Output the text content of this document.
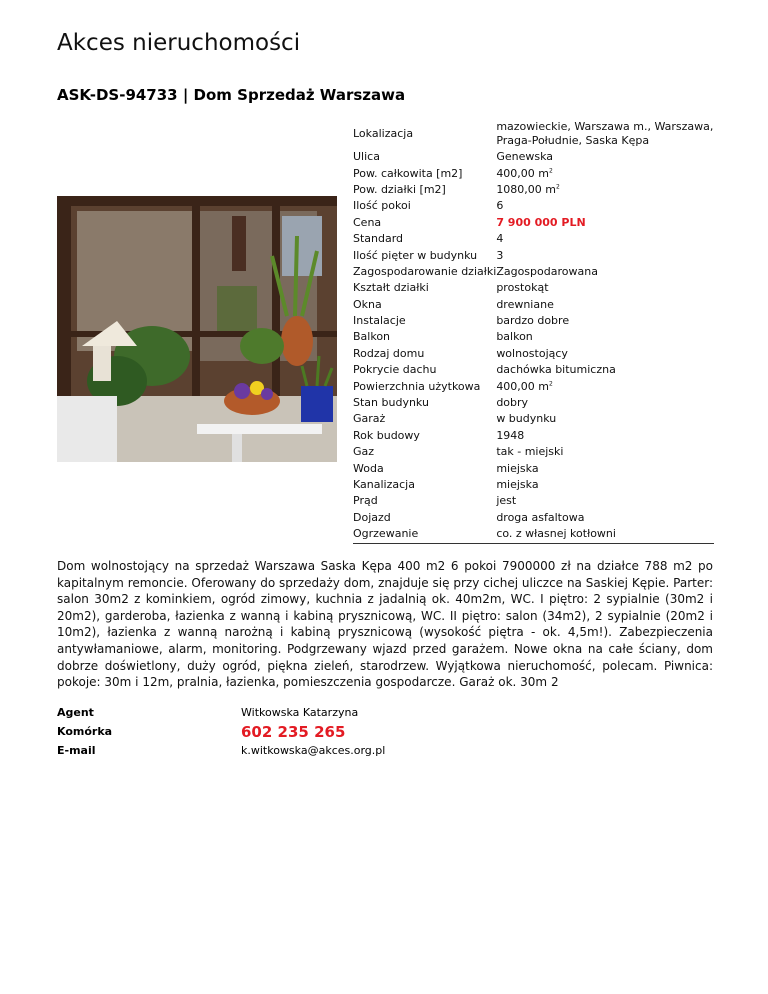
Akces nieruchomości
ASK-DS-94733 | Dom Sprzedaż Warszawa
Lokalizacja	mazowieckie, Warszawa m., Warszawa, Praga-Południe, Saska Kępa
Ulica	Genewska
Pow. całkowita [m2]	400,00 $m^2$
Pow. działki [m2]	1080,00 $m^2$
Ilość pokoi	6
Cena	7 900 000 PLN
Standard	4
Ilość pięter w budynku	3
Zagospodarowanie działki	Zagospodarowana
Kształt działki	prostokąt
Okna	drewniane
Instalacje	bardzo dobre
Balkon	balkon
Rodzaj domu	wolnostojący
Pokrycie dachu	dachówka bitumiczna
Powierzchnia użytkowa	400,00 $m^2$
Stan budynku	dobry
Garaż	w budynku
Rok budowy	1948
Gaz	tak - miejski
Woda	miejska
Kanalizacja	miejska
Prąd	jest
Dojazd	droga asfaltowa
Ogrzewanie	co. z własnej kotłowni

Dom wolnostojący na sprzedaż Warszawa Saska Kępa 400 m2 6 pokoi 7900000 zł na działce 788 m2 po kapitalnym remoncie. Oferowany do sprzedaży dom, znajduje się przy cichej uliczce na Saskiej Kępie. Parter: salon 30m2 z kominkiem, ogród zimowy, kuchnia z jadalnią ok. 40m2m, WC. I piętro: 2 sypialnie (30m2 i 20m2), garderoba, łazienka z wanną i kabiną prysznicową, WC. II piętro: salon (34m2), 2 sypialnie (20m2 i 10m2), łazienka z wanną narożną i kabiną prysznicową (wysokość piętra - ok. 4,5m!). Zabezpieczenia antywłamaniowe, alarm, monitoring. Podgrzewany wjazd przed garażem. Nowe okna na całe ściany, dom dobrze doświetlony, duży ogród, piękna zieleń, starodrzew. Wyjątkowa nieruchomość, polecam. Piwnica: pokoje: 30m i 12m, pralnia, łazienka, pomieszczenia gospodarcze. Garaż ok. 30m 2

Agent	Witkowska Katarzyna
Komórka	602 235 265
E-mail	k.witkowska@akces.org.pl
